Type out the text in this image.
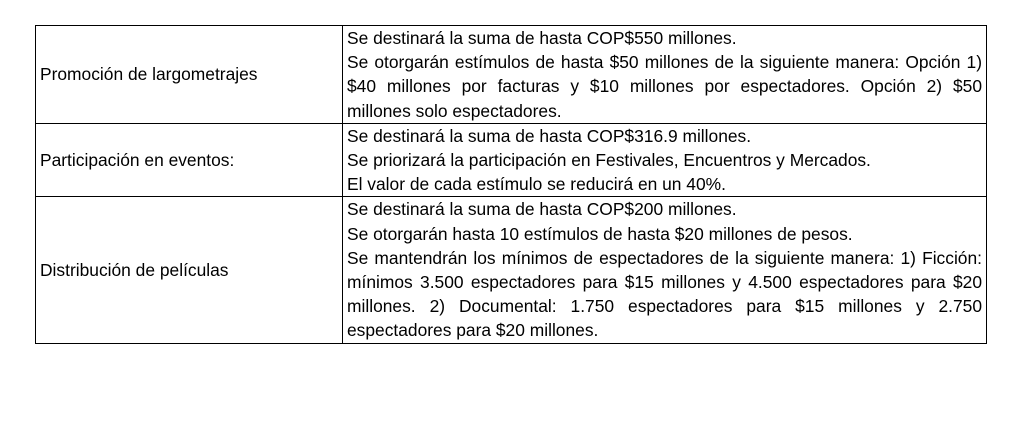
Promoción de largometrajes	Se destinará la suma de hasta COP$550 millones.
Se otorgarán estímulos de hasta $50 millones de la siguiente manera: Opción 1) $40 millones por facturas y $10 millones por espectadores. Opción 2) $50 millones solo espectadores.

Participación en eventos:	Se destinará la suma de hasta COP$316.9 millones.
Se priorizará la participación en Festivales, Encuentros y Mercados.
El valor de cada estímulo se reducirá en un 40%.

Distribución de películas	Se destinará la suma de hasta COP$200 millones.
Se otorgarán hasta 10 estímulos de hasta $20 millones de pesos.
Se mantendrán los mínimos de espectadores de la siguiente manera: 1) Ficción: mínimos 3.500 espectadores para $15 millones y 4.500 espectadores para $20 millones. 2) Documental: 1.750 espectadores para $15 millones y 2.750 espectadores para $20 millones.
